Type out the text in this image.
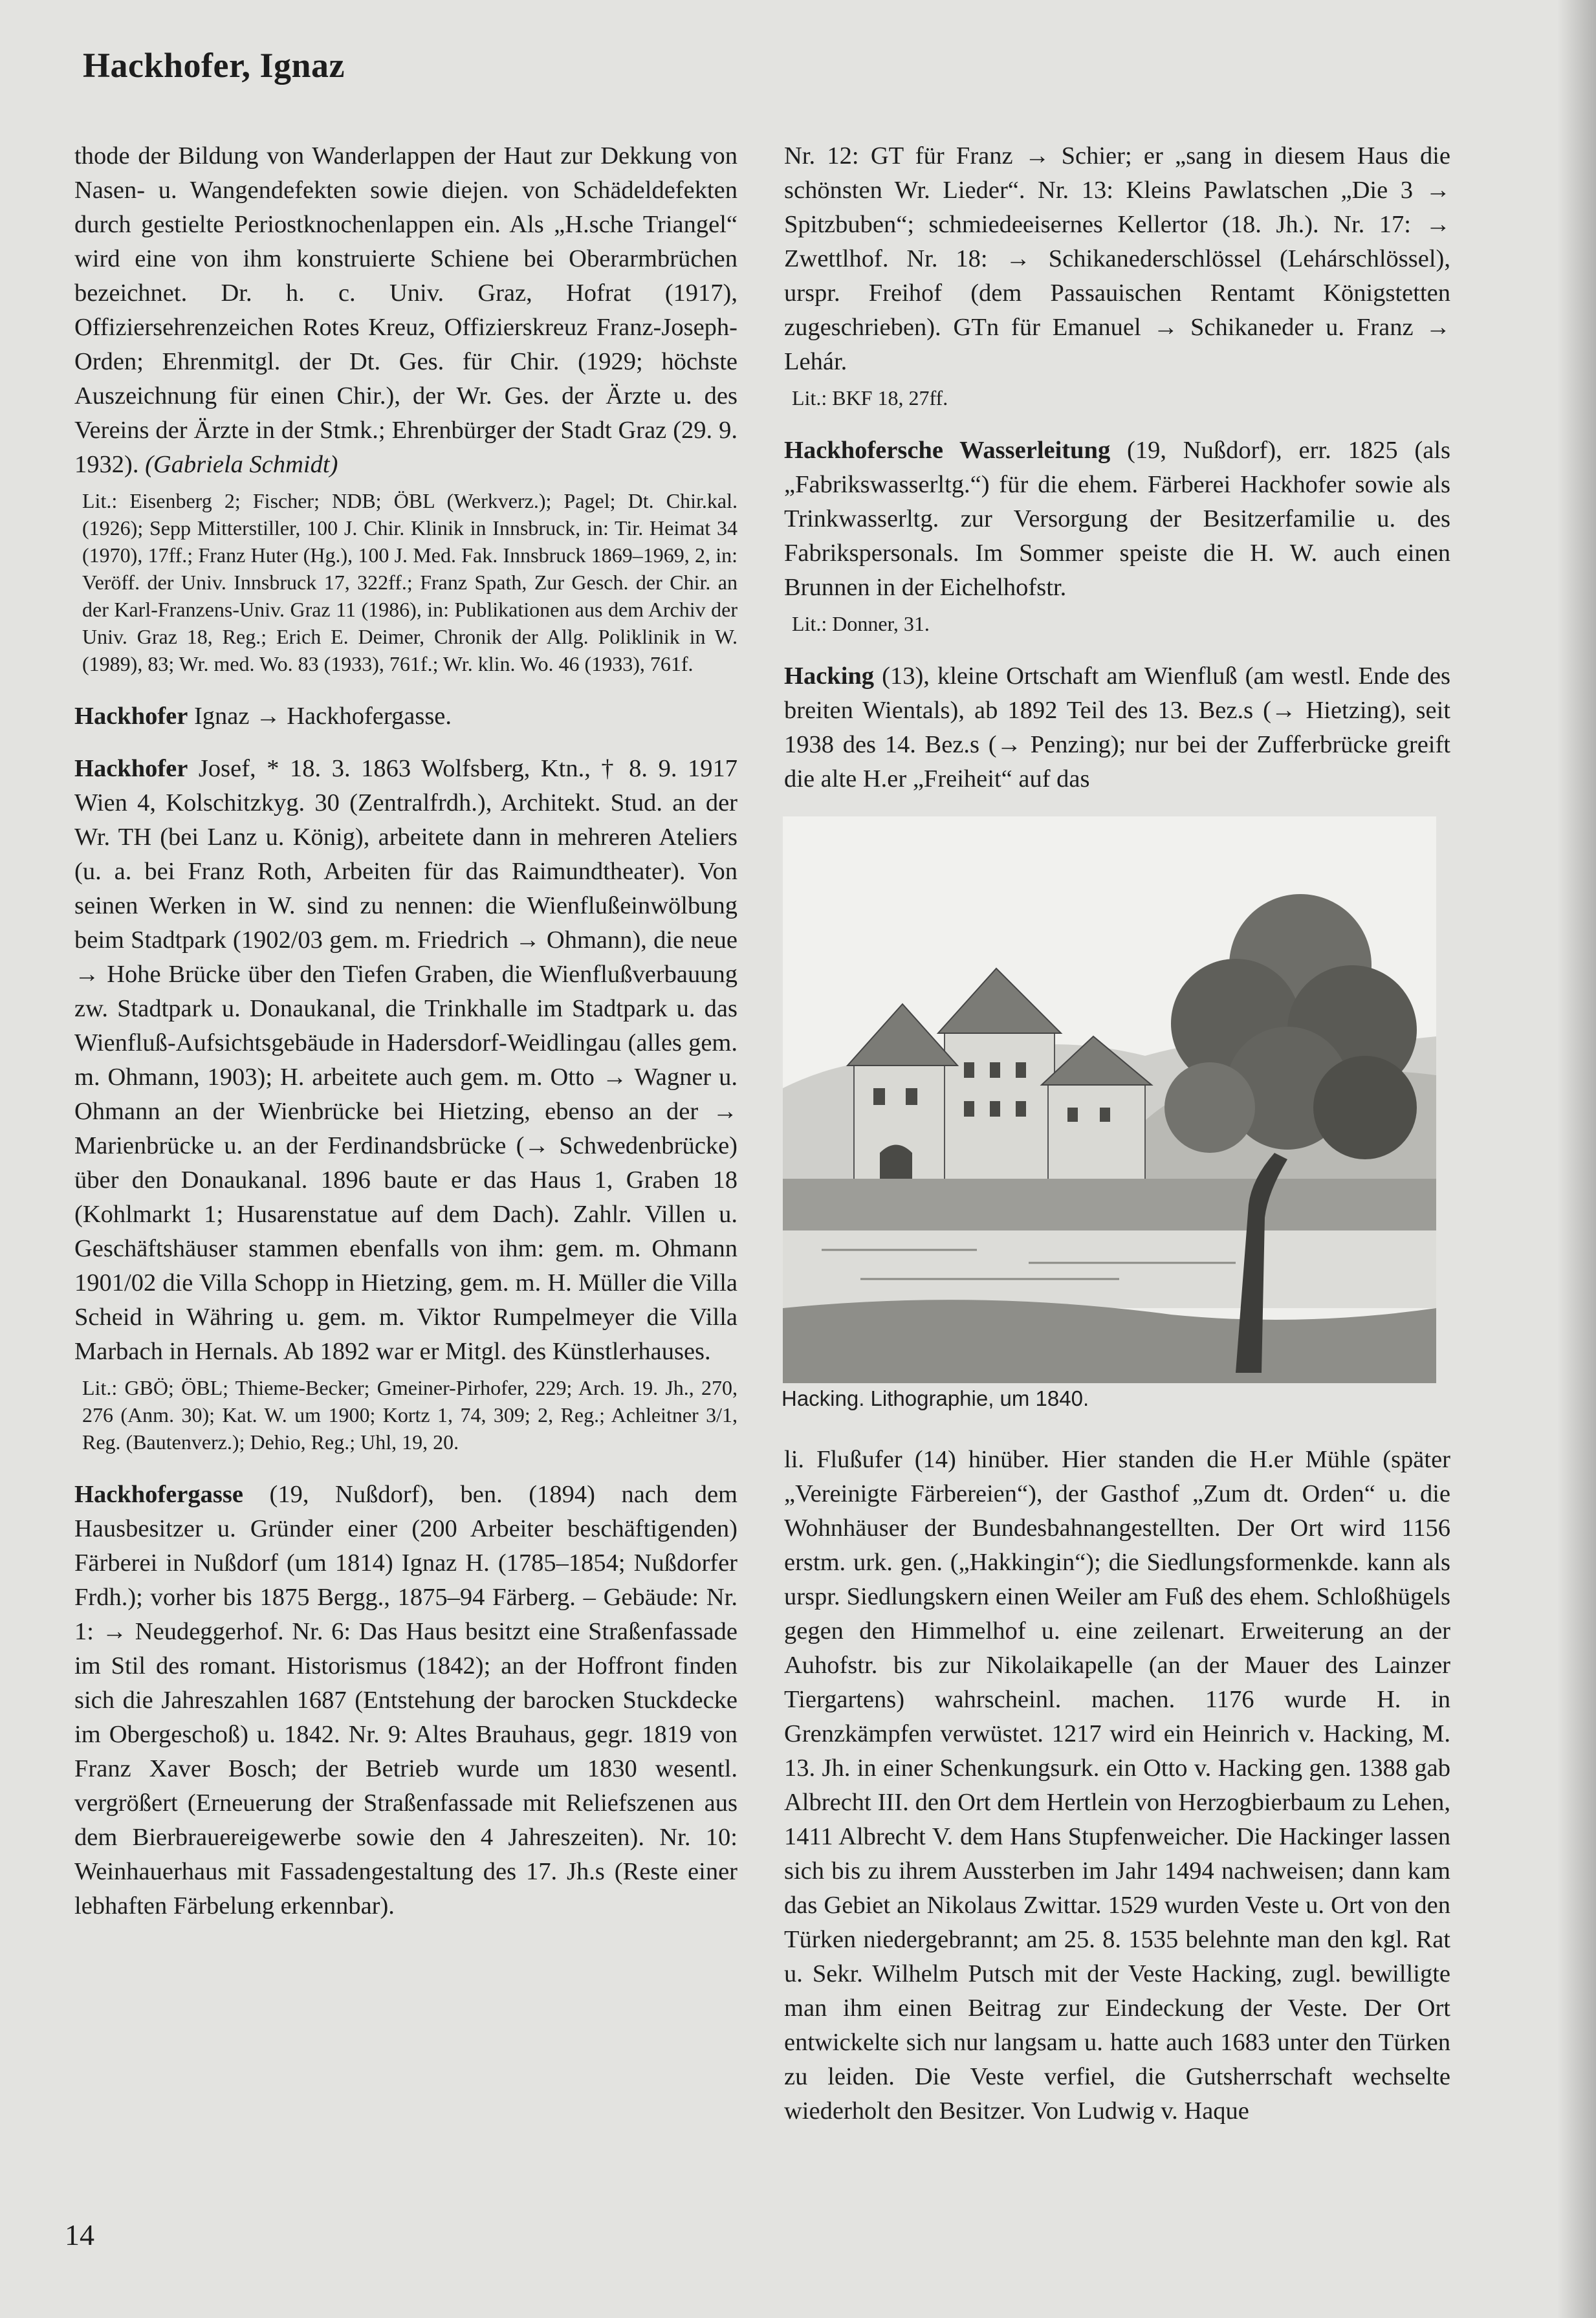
Hackhofer, Ignaz

thode der Bildung von Wanderlappen der Haut zur Dekkung von Nasen- u. Wangendefekten sowie diejen. von Schädeldefekten durch gestielte Periostknochenlappen ein. Als „H.sche Triangel“ wird eine von ihm konstruierte Schiene bei Oberarmbrüchen bezeichnet. Dr. h. c. Univ. Graz, Hofrat (1917), Offiziersehrenzeichen Rotes Kreuz, Offizierskreuz Franz-Joseph-Orden; Ehrenmitgl. der Dt. Ges. für Chir. (1929; höchste Auszeichnung für einen Chir.), der Wr. Ges. der Ärzte u. des Vereins der Ärzte in der Stmk.; Ehrenbürger der Stadt Graz (29. 9. 1932). (Gabriela Schmidt)

Lit.: Eisenberg 2; Fischer; NDB; ÖBL (Werkverz.); Pagel; Dt. Chir.kal. (1926); Sepp Mitterstiller, 100 J. Chir. Klinik in Innsbruck, in: Tir. Heimat 34 (1970), 17ff.; Franz Huter (Hg.), 100 J. Med. Fak. Innsbruck 1869–1969, 2, in: Veröff. der Univ. Innsbruck 17, 322ff.; Franz Spath, Zur Gesch. der Chir. an der Karl-Franzens-Univ. Graz 11 (1986), in: Publikationen aus dem Archiv der Univ. Graz 18, Reg.; Erich E. Deimer, Chronik der Allg. Poliklinik in W. (1989), 83; Wr. med. Wo. 83 (1933), 761f.; Wr. klin. Wo. 46 (1933), 761f.

Hackhofer Ignaz → Hackhofergasse.

Hackhofer Josef, * 18. 3. 1863 Wolfsberg, Ktn., † 8. 9. 1917 Wien 4, Kolschitzkyg. 30 (Zentralfrdh.), Architekt. Stud. an der Wr. TH (bei Lanz u. König), arbeitete dann in mehreren Ateliers (u. a. bei Franz Roth, Arbeiten für das Raimundtheater). Von seinen Werken in W. sind zu nennen: die Wienflußeinwölbung beim Stadtpark (1902/03 gem. m. Friedrich → Ohmann), die neue → Hohe Brücke über den Tiefen Graben, die Wienflußverbauung zw. Stadtpark u. Donaukanal, die Trinkhalle im Stadtpark u. das Wienfluß-Aufsichtsgebäude in Hadersdorf-Weidlingau (alles gem. m. Ohmann, 1903); H. arbeitete auch gem. m. Otto → Wagner u. Ohmann an der Wienbrücke bei Hietzing, ebenso an der → Marienbrücke u. an der Ferdinandsbrücke (→ Schwedenbrücke) über den Donaukanal. 1896 baute er das Haus 1, Graben 18 (Kohlmarkt 1; Husarenstatue auf dem Dach). Zahlr. Villen u. Geschäftshäuser stammen ebenfalls von ihm: gem. m. Ohmann 1901/02 die Villa Schopp in Hietzing, gem. m. H. Müller die Villa Scheid in Währing u. gem. m. Viktor Rumpelmeyer die Villa Marbach in Hernals. Ab 1892 war er Mitgl. des Künstlerhauses.

Lit.: GBÖ; ÖBL; Thieme-Becker; Gmeiner-Pirhofer, 229; Arch. 19. Jh., 270, 276 (Anm. 30); Kat. W. um 1900; Kortz 1, 74, 309; 2, Reg.; Achleitner 3/1, Reg. (Bautenverz.); Dehio, Reg.; Uhl, 19, 20.

Hackhofergasse (19, Nußdorf), ben. (1894) nach dem Hausbesitzer u. Gründer einer (200 Arbeiter beschäftigenden) Färberei in Nußdorf (um 1814) Ignaz H. (1785–1854; Nußdorfer Frdh.); vorher bis 1875 Bergg., 1875–94 Färberg. – Gebäude: Nr. 1: → Neudeggerhof. Nr. 6: Das Haus besitzt eine Straßenfassade im Stil des romant. Historismus (1842); an der Hoffront finden sich die Jahreszahlen 1687 (Entstehung der barocken Stuckdecke im Obergeschoß) u. 1842. Nr. 9: Altes Brauhaus, gegr. 1819 von Franz Xaver Bosch; der Betrieb wurde um 1830 wesentl. vergrößert (Erneuerung der Straßenfassade mit Reliefszenen aus dem Bierbrauereigewerbe sowie den 4 Jahreszeiten). Nr. 10: Weinhauerhaus mit Fassadengestaltung des 17. Jh.s (Reste einer lebhaften Färbelung erkennbar).

Nr. 12: GT für Franz → Schier; er „sang in diesem Haus die schönsten Wr. Lieder“. Nr. 13: Kleins Pawlatschen „Die 3 → Spitzbuben“; schmiedeeisernes Kellertor (18. Jh.). Nr. 17: → Zwettlhof. Nr. 18: → Schikanederschlössel (Lehárschlössel), urspr. Freihof (dem Passauischen Rentamt Königstetten zugeschrieben). GTn für Emanuel → Schikaneder u. Franz → Lehár.

Lit.: BKF 18, 27ff.

Hackhofersche Wasserleitung (19, Nußdorf), err. 1825 (als „Fabrikswasserltg.“) für die ehem. Färberei Hackhofer sowie als Trinkwasserltg. zur Versorgung der Besitzerfamilie u. des Fabrikspersonals. Im Sommer speiste die H. W. auch einen Brunnen in der Eichelhofstr.

Lit.: Donner, 31.

Hacking (13), kleine Ortschaft am Wienfluß (am westl. Ende des breiten Wientals), ab 1892 Teil des 13. Bez.s (→ Hietzing), seit 1938 des 14. Bez.s (→ Penzing); nur bei der Zufferbrücke greift die alte H.er „Freiheit“ auf das

Hacking. Lithographie, um 1840.

li. Flußufer (14) hinüber. Hier standen die H.er Mühle (später „Vereinigte Färbereien“), der Gasthof „Zum dt. Orden“ u. die Wohnhäuser der Bundesbahnangestellten. Der Ort wird 1156 erstm. urk. gen. („Hakkingin“); die Siedlungsformenkde. kann als urspr. Siedlungskern einen Weiler am Fuß des ehem. Schloßhügels gegen den Himmelhof u. eine zeilenart. Erweiterung an der Auhofstr. bis zur Nikolaikapelle (an der Mauer des Lainzer Tiergartens) wahrscheinl. machen. 1176 wurde H. in Grenzkämpfen verwüstet. 1217 wird ein Heinrich v. Hacking, M. 13. Jh. in einer Schenkungsurk. ein Otto v. Hacking gen. 1388 gab Albrecht III. den Ort dem Hertlein von Herzogbierbaum zu Lehen, 1411 Albrecht V. dem Hans Stupfenweicher. Die Hackinger lassen sich bis zu ihrem Aussterben im Jahr 1494 nachweisen; dann kam das Gebiet an Nikolaus Zwittar. 1529 wurden Veste u. Ort von den Türken niedergebrannt; am 25. 8. 1535 belehnte man den kgl. Rat u. Sekr. Wilhelm Putsch mit der Veste Hacking, zugl. bewilligte man ihm einen Beitrag zur Eindeckung der Veste. Der Ort entwickelte sich nur langsam u. hatte auch 1683 unter den Türken zu leiden. Die Veste verfiel, die Gutsherrschaft wechselte wiederholt den Besitzer. Von Ludwig v. Haque

14
